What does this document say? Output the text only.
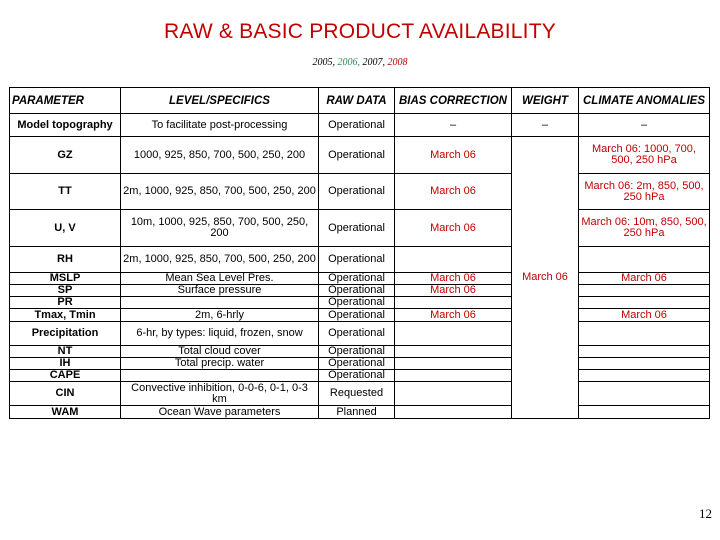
RAW & BASIC PRODUCT AVAILABILITY
2005, 2006, 2007, 2008
PARAMETER	LEVEL/SPECIFICS	RAW DATA	BIAS CORRECTION	WEIGHT	CLIMATE ANOMALIES
Model topography	To facilitate post-processing	Operational	–	–	–
GZ	1000, 925, 850, 700, 500, 250, 200	Operational	March 06	March 06	March 06: 1000, 700, 500, 250 hPa
TT	2m, 1000, 925, 850, 700, 500, 250, 200	Operational	March 06		March 06: 2m, 850, 500, 250 hPa
U, V	10m, 1000, 925, 850, 700, 500, 250, 200	Operational	March 06		March 06: 10m, 850, 500, 250 hPa
RH	2m, 1000, 925, 850, 700, 500, 250, 200	Operational			
MSLP	Mean Sea Level Pres.	Operational	March 06		March 06
SP	Surface pressure	Operational	March 06		
PR		Operational			
Tmax, Tmin	2m, 6-hrly	Operational	March 06		March 06
Precipitation	6-hr, by types: liquid, frozen, snow	Operational			
NT	Total cloud cover	Operational			
IH	Total precip. water	Operational			
CAPE		Operational			
CIN	Convective inhibition, 0-0-6, 0-1, 0-3 km	Requested			
WAM	Ocean Wave parameters	Planned			
12
